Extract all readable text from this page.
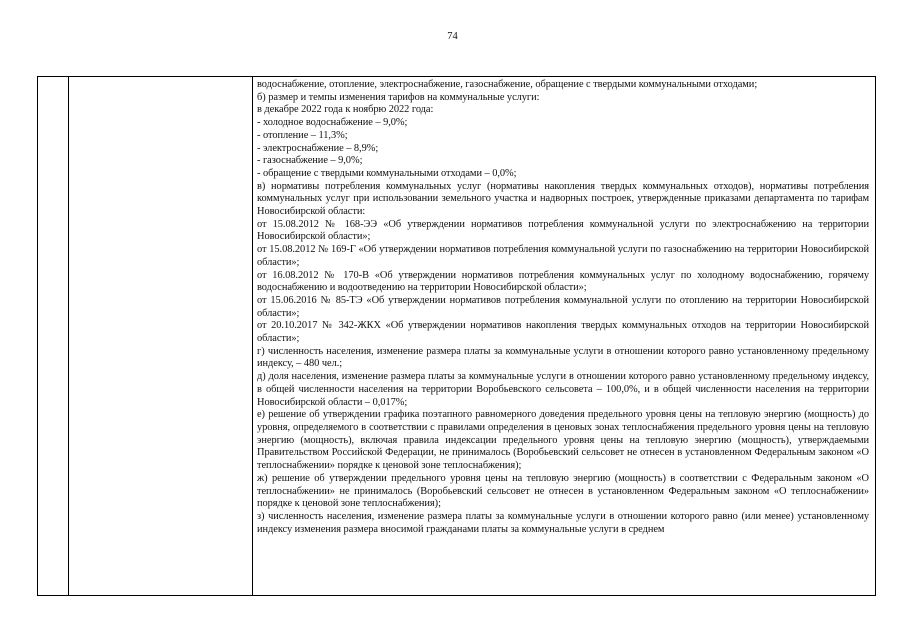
74

водоснабжение, отопление, электроснабжение, газоснабжение, обращение с твердыми коммунальными отходами;

б) размер и темпы изменения тарифов на коммунальные услуги:

в декабре 2022 года к ноябрю 2022 года:

- холодное водоснабжение – 9,0%;

- отопление – 11,3%;

- электроснабжение – 8,9%;

- газоснабжение – 9,0%;

- обращение с твердыми коммунальными отходами – 0,0%;

в) нормативы потребления коммунальных услуг (нормативы накопления твердых коммунальных отходов), нормативы потребления коммунальных услуг при использовании земельного участка и надворных построек, утвержденные приказами департамента по тарифам Новосибирской области:

от 15.08.2012 № 168-ЭЭ «Об утверждении нормативов потребления коммунальной услуги по электроснабжению на территории Новосибирской области»;

от 15.08.2012 № 169-Г «Об утверждении нормативов потребления коммунальной услуги по газоснабжению на территории Новосибирской области»;

от 16.08.2012 № 170-В «Об утверждении нормативов потребления коммунальных услуг по холодному водоснабжению, горячему водоснабжению и водоотведению на территории Новосибирской области»;

от 15.06.2016 № 85-ТЭ «Об утверждении нормативов потребления коммунальной услуги по отоплению на территории Новосибирской области»;

от 20.10.2017 № 342-ЖКХ «Об утверждении нормативов накопления твердых коммунальных отходов на территории Новосибирской области»;

г) численность населения, изменение размера платы за коммунальные услуги в отношении которого равно установленному предельному индексу, – 480 чел.;

д) доля населения, изменение размера платы за коммунальные услуги в отношении которого равно установленному предельному индексу, в общей численности населения на территории Воробьевского сельсовета – 100,0%, и в общей численности населения на территории Новосибирской области – 0,017%;

е) решение об утверждении графика поэтапного равномерного доведения предельного уровня цены на тепловую энергию (мощность) до уровня, определяемого в соответствии с правилами определения в ценовых зонах теплоснабжения предельного уровня цены на тепловую энергию (мощность), включая правила индексации предельного уровня цены на тепловую энергию (мощность), утверждаемыми Правительством Российской Федерации, не принималось (Воробьевский сельсовет не отнесен в установленном Федеральным законом «О теплоснабжении» порядке к ценовой зоне теплоснабжения);

ж) решение об утверждении предельного уровня цены на тепловую энергию (мощность) в соответствии с Федеральным законом «О теплоснабжении» не принималось (Воробьевский сельсовет не отнесен в установленном Федеральным законом «О теплоснабжении» порядке к ценовой зоне теплоснабжения);

з) численность населения, изменение размера платы за коммунальные услуги в отношении которого равно (или менее) установленному индексу изменения размера вносимой гражданами платы за коммунальные услуги в среднем
